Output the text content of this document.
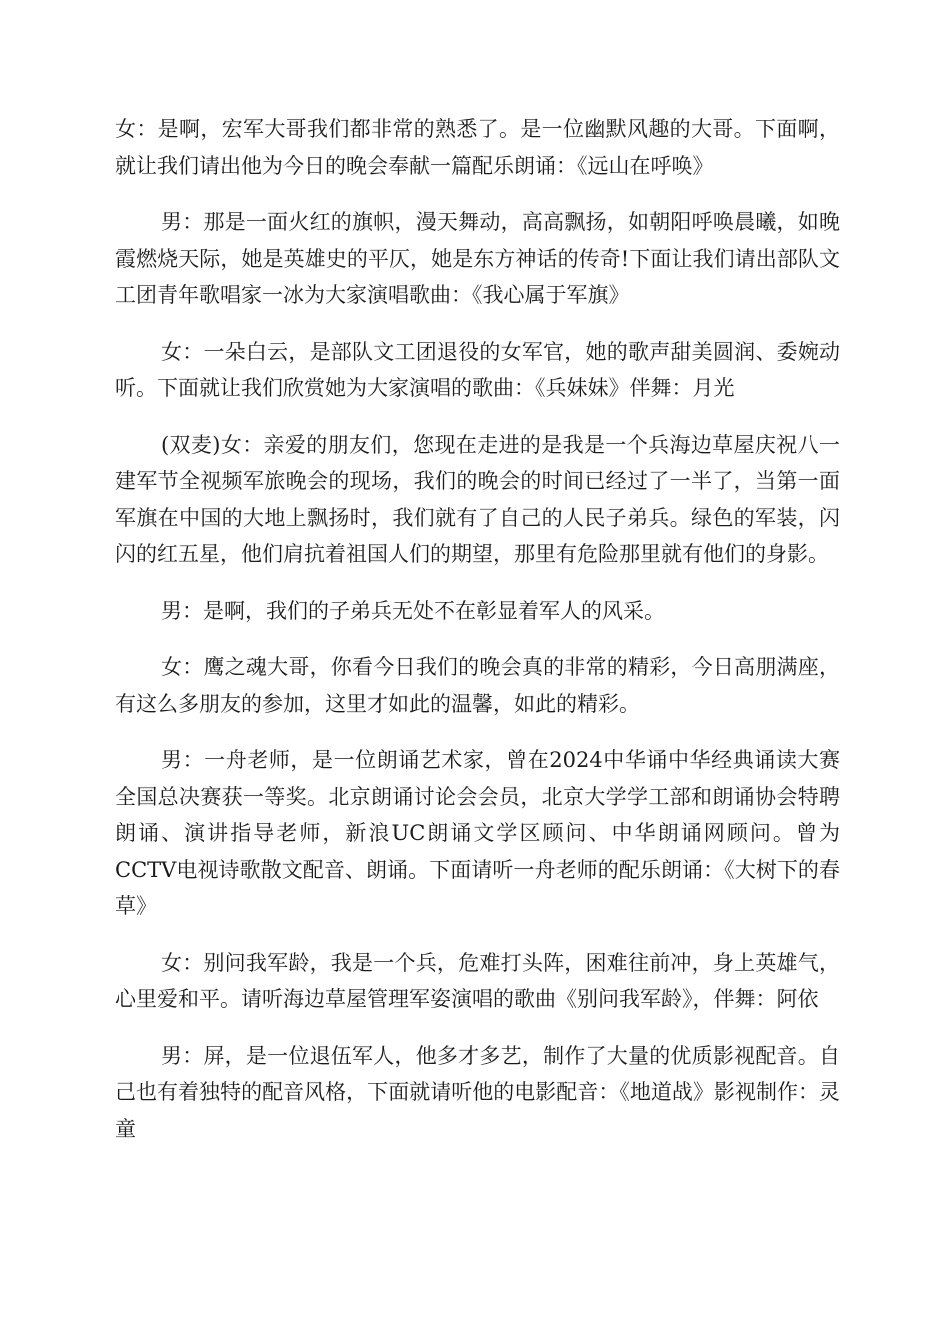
女：是啊，宏军大哥我们都非常的熟悉了。是一位幽默风趣的大哥。下面啊，就让我们请出他为今日的晚会奉献一篇配乐朗诵：《远山在呼唤》

男：那是一面火红的旗帜，漫天舞动，高高飘扬，如朝阳呼唤晨曦，如晚霞燃烧天际，她是英雄史的平仄，她是东方神话的传奇!下面让我们请出部队文工团青年歌唱家一冰为大家演唱歌曲：《我心属于军旗》

女：一朵白云，是部队文工团退役的女军官，她的歌声甜美圆润、委婉动听。下面就让我们欣赏她为大家演唱的歌曲：《兵妹妹》伴舞：月光

(双麦)女：亲爱的朋友们，您现在走进的是我是一个兵海边草屋庆祝八一建军节全视频军旅晚会的现场，我们的晚会的时间已经过了一半了，当第一面军旗在中国的大地上飘扬时，我们就有了自己的人民子弟兵。绿色的军装，闪闪的红五星，他们肩抗着祖国人们的期望，那里有危险那里就有他们的身影。

男：是啊，我们的子弟兵无处不在彰显着军人的风采。

女：鹰之魂大哥，你看今日我们的晚会真的非常的精彩，今日高朋满座，有这么多朋友的参加，这里才如此的温馨，如此的精彩。

男：一舟老师，是一位朗诵艺术家，曾在2024中华诵中华经典诵读大赛全国总决赛获一等奖。北京朗诵讨论会会员，北京大学学工部和朗诵协会特聘朗诵、演讲指导老师，新浪UC朗诵文学区顾问、中华朗诵网顾问。曾为CCTV电视诗歌散文配音、朗诵。下面请听一舟老师的配乐朗诵：《大树下的春草》

女：别问我军龄，我是一个兵，危难打头阵，困难往前冲，身上英雄气，心里爱和平。请听海边草屋管理军姿演唱的歌曲《别问我军龄》，伴舞：阿依

男：屏，是一位退伍军人，他多才多艺，制作了大量的优质影视配音。自己也有着独特的配音风格，下面就请听他的电影配音：《地道战》影视制作：灵童
